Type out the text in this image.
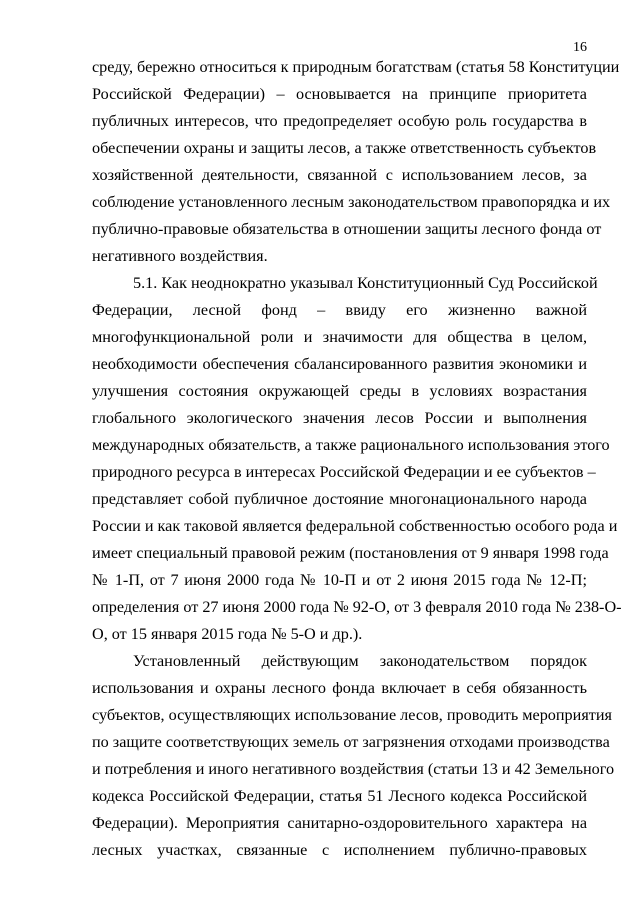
16
среду, бережно относиться к природным богатствам (статья 58 Конституции
Российской Федерации) – основывается на принципе приоритета
публичных интересов, что предопределяет особую роль государства в
обеспечении охраны и защиты лесов, а также ответственность субъектов
хозяйственной деятельности, связанной с использованием лесов, за
соблюдение установленного лесным законодательством правопорядка и их
публично-правовые обязательства в отношении защиты лесного фонда от
негативного воздействия.
5.1. Как неоднократно указывал Конституционный Суд Российской
Федерации, лесной фонд – ввиду его жизненно важной
многофункциональной роли и значимости для общества в целом,
необходимости обеспечения сбалансированного развития экономики и
улучшения состояния окружающей среды в условиях возрастания
глобального экологического значения лесов России и выполнения
международных обязательств, а также рационального использования этого
природного ресурса в интересах Российской Федерации и ее субъектов –
представляет собой публичное достояние многонационального народа
России и как таковой является федеральной собственностью особого рода и
имеет специальный правовой режим (постановления от 9 января 1998 года
№ 1-П, от 7 июня 2000 года № 10-П и от 2 июня 2015 года № 12-П;
определения от 27 июня 2000 года № 92-О, от 3 февраля 2010 года № 238-О-
О, от 15 января 2015 года № 5-О и др.).
Установленный действующим законодательством порядок
использования и охраны лесного фонда включает в себя обязанность
субъектов, осуществляющих использование лесов, проводить мероприятия
по защите соответствующих земель от загрязнения отходами производства
и потребления и иного негативного воздействия (статьи 13 и 42 Земельного
кодекса Российской Федерации, статья 51 Лесного кодекса Российской
Федерации). Мероприятия санитарно-оздоровительного характера на
лесных участках, связанные с исполнением публично-правовых
